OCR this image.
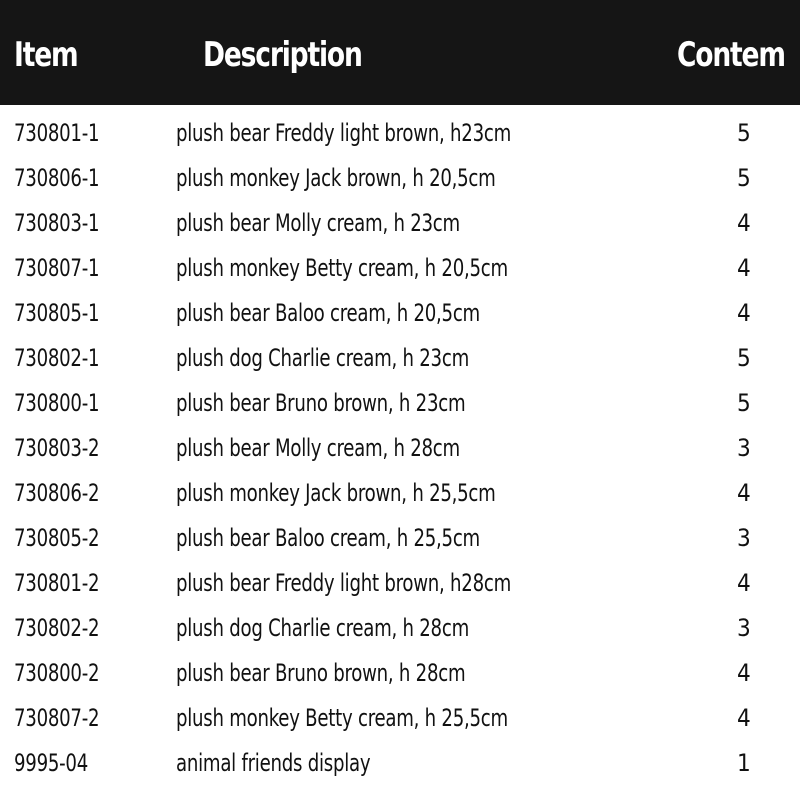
Item	Description	Contem
730801-1	plush bear Freddy light brown, h23cm	5
730806-1	plush monkey Jack brown, h 20,5cm	5
730803-1	plush bear Molly cream, h 23cm	4
730807-1	plush monkey Betty cream, h 20,5cm	4
730805-1	plush bear Baloo cream, h 20,5cm	4
730802-1	plush dog Charlie cream, h 23cm	5
730800-1	plush bear Bruno brown, h 23cm	5
730803-2	plush bear Molly cream, h 28cm	3
730806-2	plush monkey Jack brown, h 25,5cm	4
730805-2	plush bear Baloo cream, h 25,5cm	3
730801-2	plush bear Freddy light brown, h28cm	4
730802-2	plush dog Charlie cream, h 28cm	3
730800-2	plush bear Bruno brown, h 28cm	4
730807-2	plush monkey Betty cream, h 25,5cm	4
9995-04	animal friends display	1
